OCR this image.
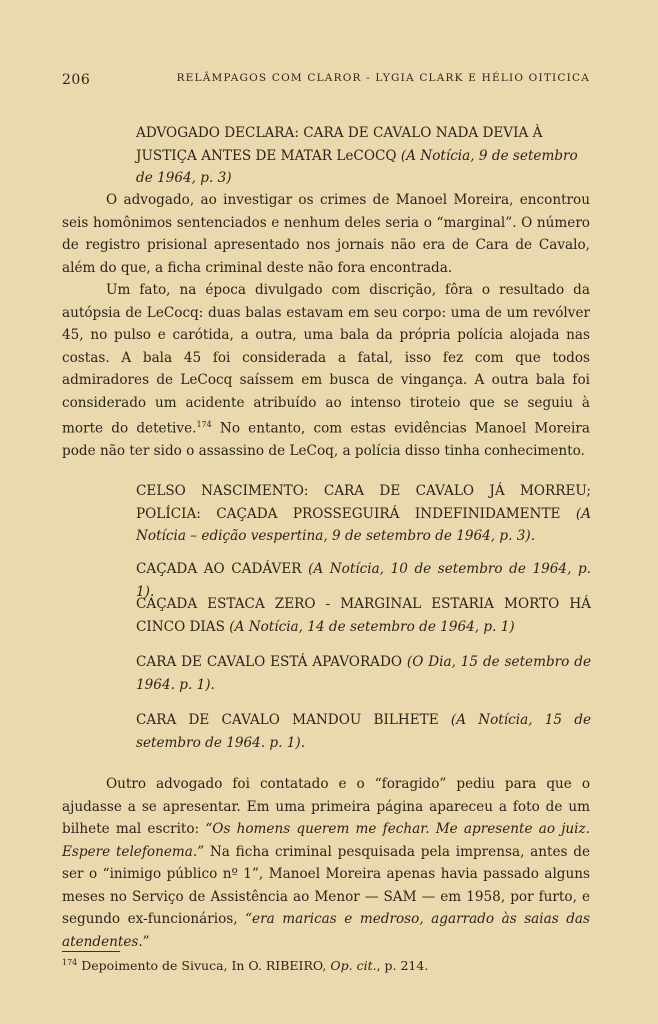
206	RELÂMPAGOS COM CLAROR - LYGIA CLARK E HÉLIO OITICICA
ADVOGADO DECLARA: CARA DE CAVALO NADA DEVIA À JUSTIÇA ANTES DE MATAR LeCOCQ (A Notícia, 9 de setembro de 1964, p. 3)

O advogado, ao investigar os crimes de Manoel Moreira, encontrou seis homônimos sentenciados e nenhum deles seria o “marginal”. O número de registro prisional apresentado nos jornais não era de Cara de Cavalo, além do que, a ficha criminal deste não fora encontrada.

Um fato, na época divulgado com discrição, fôra o resultado da autópsia de LeCocq: duas balas estavam em seu corpo: uma de um revólver 45, no pulso e carótida, a outra, uma bala da própria polícia alojada nas costas. A bala 45 foi considerada a fatal, isso fez com que todos admiradores de LeCocq saíssem em busca de vingança. A outra bala foi considerado um acidente atribuído ao intenso tiroteio que se seguiu à morte do detetive.$^{174}$ No entanto, com estas evidências Manoel Moreira pode não ter sido o assassino de LeCoq, a polícia disso tinha conhecimento.

CELSO NASCIMENTO: CARA DE CAVALO JÁ MORREU; POLÍCIA: CAÇADA PROSSEGUIRÁ INDEFINIDAMENTE (A Notícia – edição vespertina, 9 de setembro de 1964, p. 3).
CAÇADA AO CADÁVER (A Notícia, 10 de setembro de 1964, p. 1).
CAÇADA ESTACA ZERO - MARGINAL ESTARIA MORTO HÁ CINCO DIAS (A Notícia, 14 de setembro de 1964, p. 1)
CARA DE CAVALO ESTÁ APAVORADO (O Dia, 15 de setembro de 1964. p. 1).
CARA DE CAVALO MANDOU BILHETE (A Notícia, 15 de setembro de 1964. p. 1).

Outro advogado foi contatado e o “foragido” pediu para que o ajudasse a se apresentar. Em uma primeira página apareceu a foto de um bilhete mal escrito: “Os homens querem me fechar. Me apresente ao juiz. Espere telefonema.” Na ficha criminal pesquisada pela imprensa, antes de ser o “inimigo público nº 1”, Manoel Moreira apenas havia passado alguns meses no Serviço de Assistência ao Menor — SAM — em 1958, por furto, e segundo ex-funcionários, “era maricas e medroso, agarrado às saias das atendentes.”

$^{174}$ Depoimento de Sivuca, In O. RIBEIRO, Op. cit., p. 214.
